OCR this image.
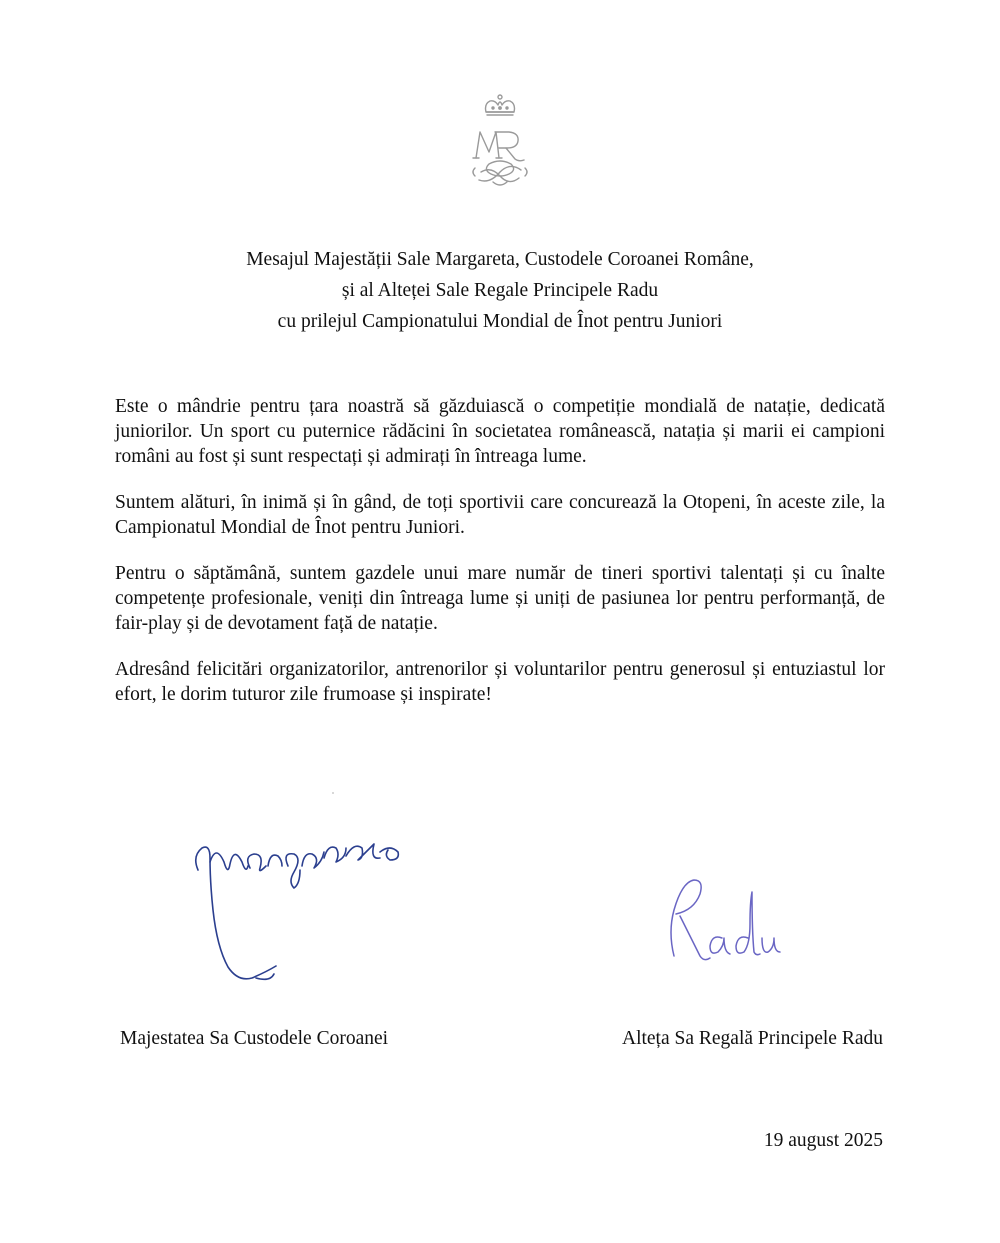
Mesajul Majestății Sale Margareta, Custodele Coroanei Române,
și al Alteței Sale Regale Principele Radu
cu prilejul Campionatului Mondial de Înot pentru Juniori

Este o mândrie pentru țara noastră să găzduiască o competiție mondială de natație, dedicată juniorilor. Un sport cu puternice rădăcini în societatea românească, natația și marii ei campioni români au fost și sunt respectați și admirați în întreaga lume.

Suntem alături, în inimă și în gând, de toți sportivii care concurează la Otopeni, în aceste zile, la Campionatul Mondial de Înot pentru Juniori.

Pentru o săptămână, suntem gazdele unui mare număr de tineri sportivi talentați și cu înalte competențe profesionale, veniți din întreaga lume și uniți de pasiunea lor pentru performanță, de fair-play și de devotament față de natație.

Adresând felicitări organizatorilor, antrenorilor și voluntarilor pentru generosul și entuziastul lor efort, le dorim tuturor zile frumoase și inspirate!

Majestatea Sa Custodele Coroanei	Alteța Sa Regală Principele Radu
19 august 2025
